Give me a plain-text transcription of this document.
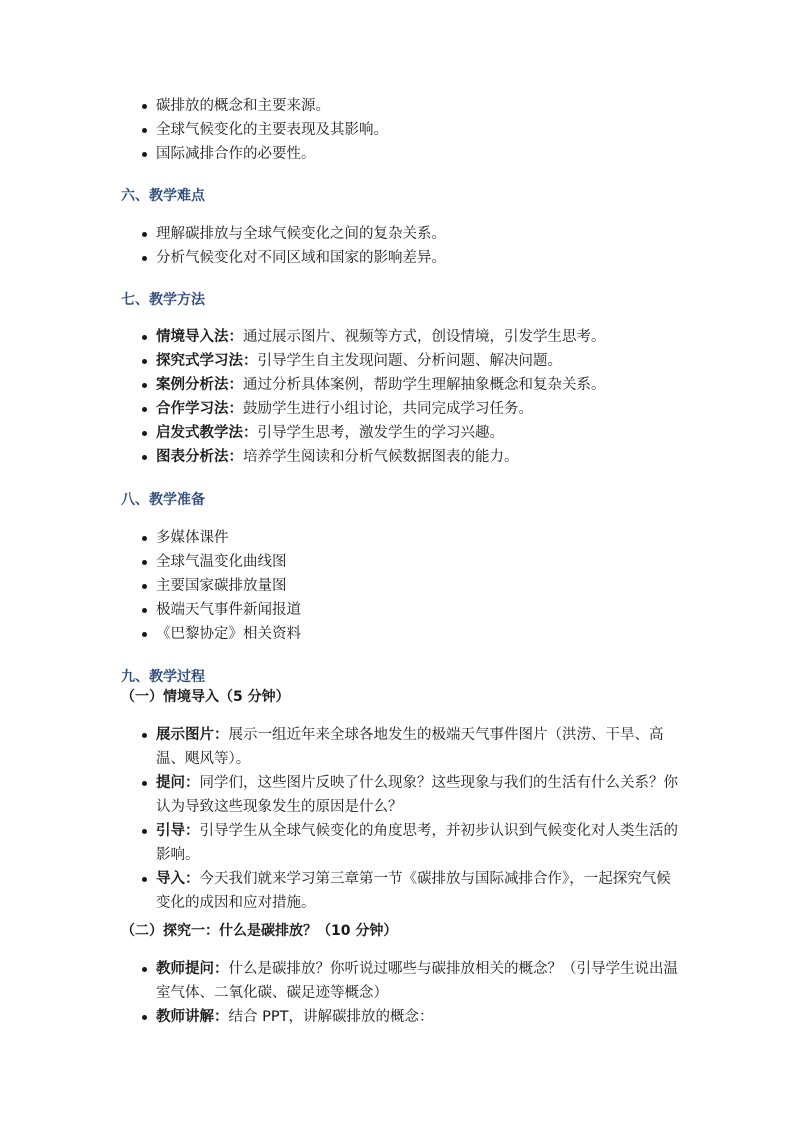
碳排放的概念和主要来源。
全球气候变化的主要表现及其影响。
国际减排合作的必要性。
六、教学难点
理解碳排放与全球气候变化之间的复杂关系。
分析气候变化对不同区域和国家的影响差异。
七、教学方法
情境导入法：通过展示图片、视频等方式，创设情境，引发学生思考。
探究式学习法：引导学生自主发现问题、分析问题、解决问题。
案例分析法：通过分析具体案例，帮助学生理解抽象概念和复杂关系。
合作学习法：鼓励学生进行小组讨论，共同完成学习任务。
启发式教学法：引导学生思考，激发学生的学习兴趣。
图表分析法：培养学生阅读和分析气候数据图表的能力。
八、教学准备
多媒体课件
全球气温变化曲线图
主要国家碳排放量图
极端天气事件新闻报道
《巴黎协定》相关资料
九、教学过程
（一）情境导入（5 分钟）
展示图片：展示一组近年来全球各地发生的极端天气事件图片（洪涝、干旱、高温、飓风等）。
提问：同学们，这些图片反映了什么现象？这些现象与我们的生活有什么关系？你认为导致这些现象发生的原因是什么？
引导：引导学生从全球气候变化的角度思考，并初步认识到气候变化对人类生活的影响。
导入：今天我们就来学习第三章第一节《碳排放与国际减排合作》，一起探究气候变化的成因和应对措施。
（二）探究一：什么是碳排放？（10 分钟）
教师提问：什么是碳排放？你听说过哪些与碳排放相关的概念？（引导学生说出温室气体、二氧化碳、碳足迹等概念）
教师讲解：结合 PPT，讲解碳排放的概念：
